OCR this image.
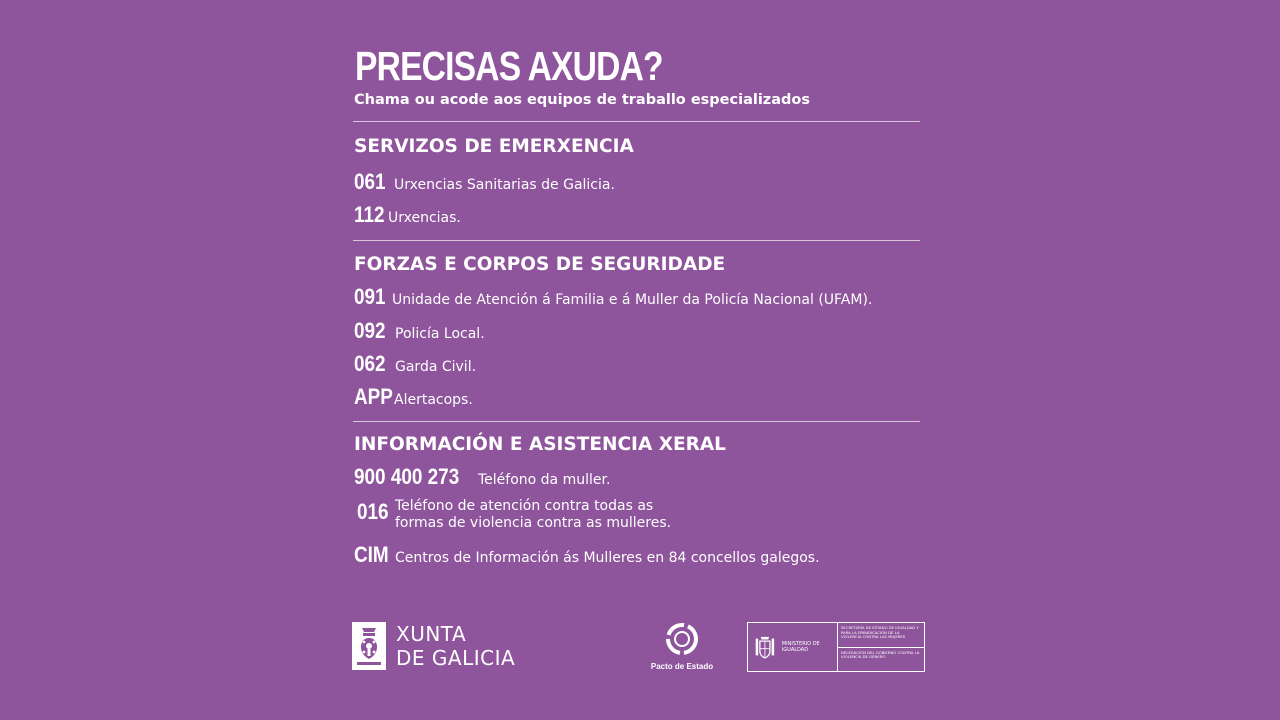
PRECISAS AXUDA?
Chama ou acode aos equipos de traballo especializados
SERVIZOS DE EMERXENCIA
061 Urxencias Sanitarias de Galicia.
112 Urxencias.
FORZAS E CORPOS DE SEGURIDADE
091 Unidade de Atención á Familia e á Muller da Policía Nacional (UFAM).
092 Policía Local.
062 Garda Civil.
APP Alertacops.
INFORMACIÓN E ASISTENCIA XERAL
900 400 273 Teléfono da muller.
016 Teléfono de atención contra todas as formas de violencia contra as mulleres.
CIM Centros de Información ás Mulleres en 84 concellos galegos.
XUNTA
DE GALICIA	Pacto de Estado
MINISTERIO DE IGUALDAD
SECRETARÍA DE ESTADO DE IGUALDAD Y PARA LA ERRADICACIÓN DE LA VIOLENCIA CONTRA LAS MUJERES
DELEGACIÓN DEL GOBIERNO CONTRA LA VIOLENCIA DE GÉNERO
